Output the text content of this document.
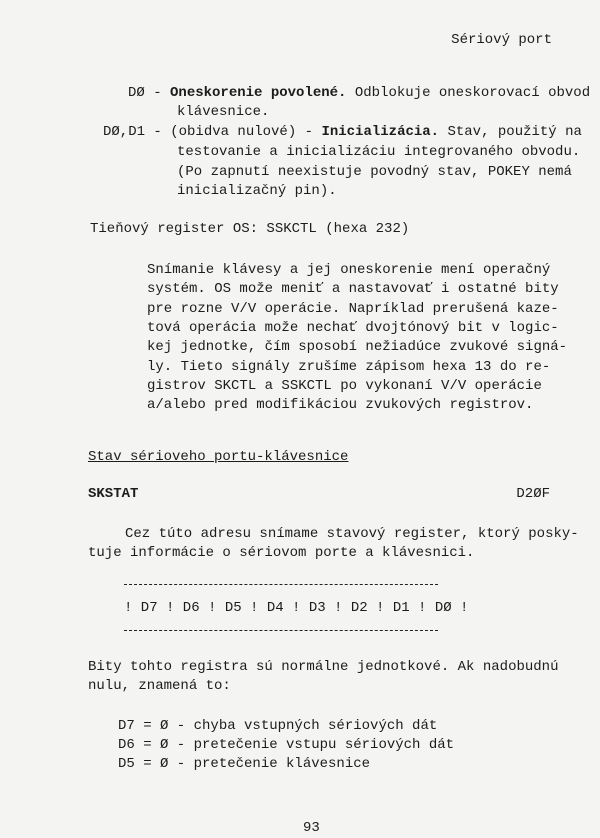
Sériový port
DØ - Oneskorenie povolené. Odblokuje oneskorovací obvod
klávesnice.
DØ,D1 - (obidva nulové) - Inicializácia. Stav, použitý na
testovanie a inicializáciu integrovaného obvodu.
(Po zapnutí neexistuje povodný stav, POKEY nemá
inicializačný pin).
Tieňový register OS: SSKCTL (hexa 232)
Snímanie klávesy a jej oneskorenie mení operačný
systém. OS može meniť a nastavovať i ostatné bity
pre rozne V/V operácie. Napríklad prerušená kaze-
tová operácia može nechať dvojtónový bit v logic-
kej jednotke, čím sposobí nežiadúce zvukové signá-
ly. Tieto signály zrušíme zápisom hexa 13 do re-
gistrov SKCTL a SSKCTL po vykonaní V/V operácie
a/alebo pred modifikáciou zvukových registrov.
Stav sérioveho portu-klávesnice
SKSTAT	D2ØF
Cez túto adresu snímame stavový register, ktorý posky-
tuje informácie o sériovom porte a klávesnici.
! D7 ! D6 ! D5 ! D4 ! D3 ! D2 ! D1 ! DØ !
Bity tohto registra sú normálne jednotkové. Ak nadobudnú
nulu, znamená to:
D7 = Ø - chyba vstupných sériových dát
D6 = Ø - pretečenie vstupu sériových dát
D5 = Ø - pretečenie klávesnice
93
